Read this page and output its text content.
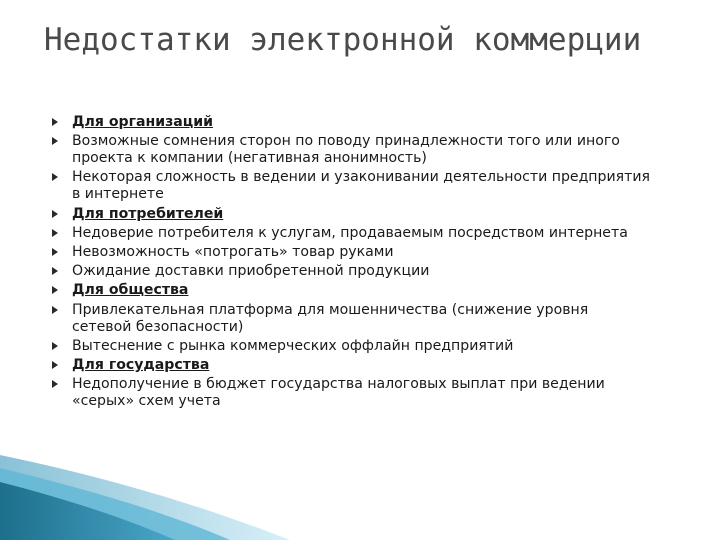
Недостатки электронной коммерции
Для организаций
Возможные сомнения сторон по поводу принадлежности того или иного проекта к компании (негативная анонимность)
Некоторая сложность в ведении и узаконивании деятельности предприятия в интернете
Для потребителей
Недоверие потребителя к услугам, продаваемым посредством интернета
Невозможность «потрогать» товар руками
Ожидание доставки приобретенной продукции
Для общества
Привлекательная платформа для мошенничества (снижение уровня сетевой безопасности)
Вытеснение с рынка коммерческих оффлайн предприятий
Для государства
Недополучение в бюджет государства налоговых выплат при ведении «серых» схем учета
